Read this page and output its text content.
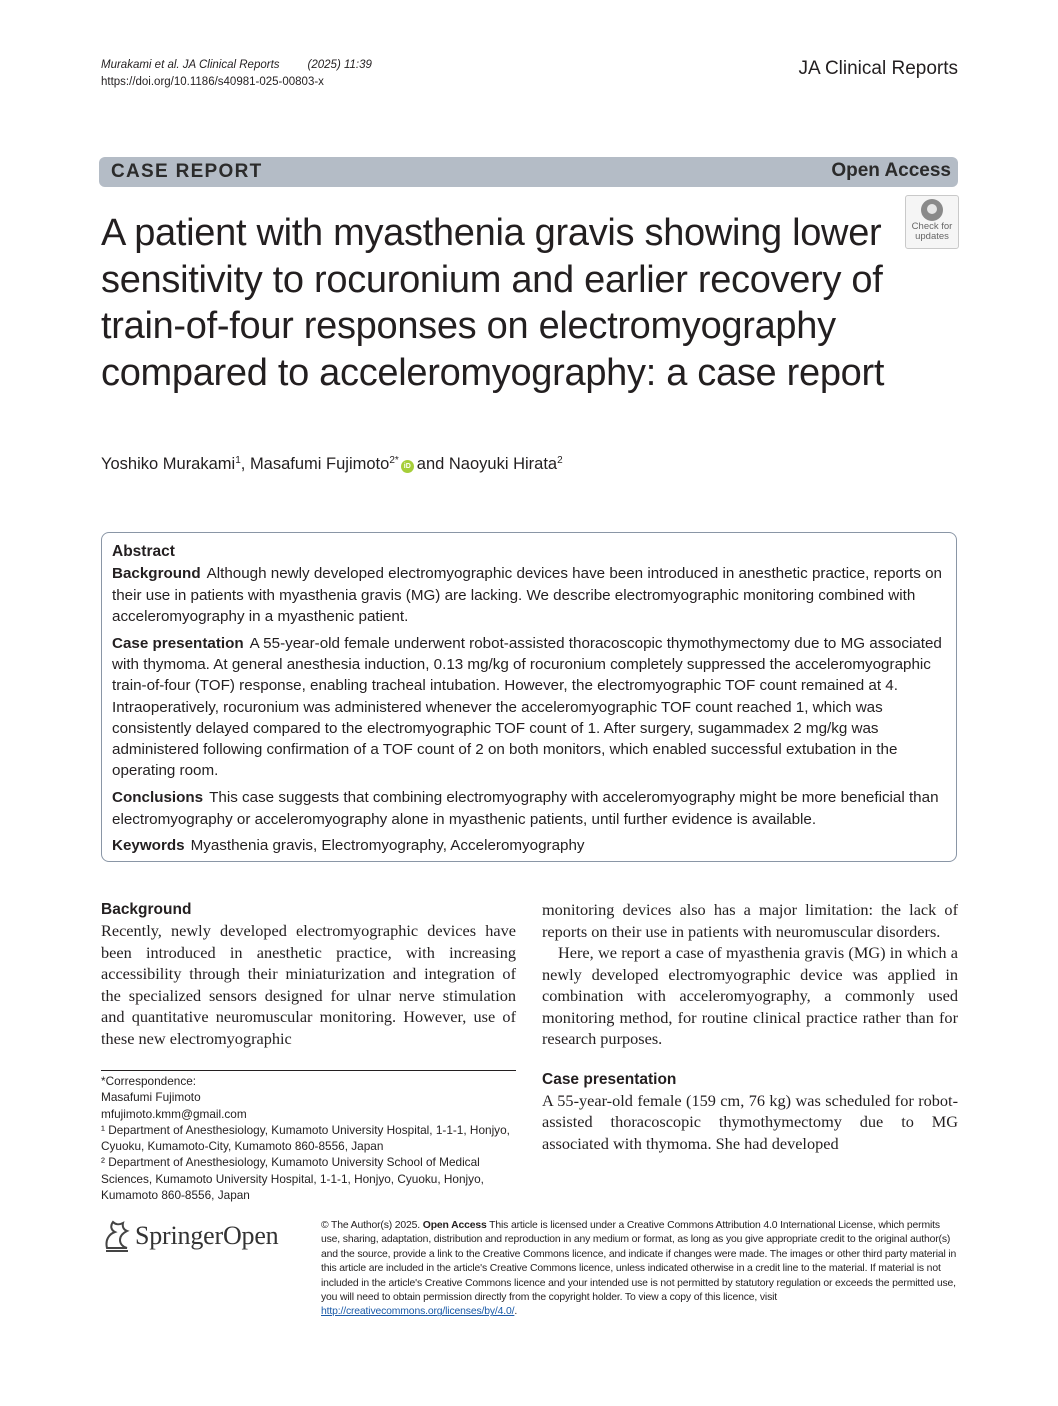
Murakami et al. JA Clinical Reports (2025) 11:39
https://doi.org/10.1186/s40981-025-00803-x
JA Clinical Reports
CASE REPORT	Open Access
Check for
updates
A patient with myasthenia gravis showing lower sensitivity to rocuronium and earlier recovery of train-of-four responses on electromyography compared to acceleromyography: a case report
Yoshiko Murakami$^1$, Masafumi Fujimoto$^{2*}$iD and Naoyuki Hirata$^2$
Abstract

Background Although newly developed electromyographic devices have been introduced in anesthetic practice, reports on their use in patients with myasthenia gravis (MG) are lacking. We describe electromyographic monitoring combined with acceleromyography in a myasthenic patient.

Case presentation A 55-year-old female underwent robot-assisted thoracoscopic thymothymectomy due to MG associated with thymoma. At general anesthesia induction, 0.13 mg/kg of rocuronium completely suppressed the acceleromyographic train-of-four (TOF) response, enabling tracheal intubation. However, the electromyographic TOF count remained at 4. Intraoperatively, rocuronium was administered whenever the acceleromyographic TOF count reached 1, which was consistently delayed compared to the electromyographic TOF count of 1. After surgery, sugammadex 2 mg/kg was administered following confirmation of a TOF count of 2 on both monitors, which enabled successful extubation in the operating room.

Conclusions This case suggests that combining electromyography with acceleromyography might be more beneficial than electromyography or acceleromyography alone in myasthenic patients, until further evidence is available.

Keywords Myasthenia gravis, Electromyography, Acceleromyography

Background

Recently, newly developed electromyographic devices have been introduced in anesthetic practice, with increasing accessibility through their miniaturization and integration of the specialized sensors designed for ulnar nerve stimulation and quantitative neuromuscular monitoring. However, use of these new electromyographic

monitoring devices also has a major limitation: the lack of reports on their use in patients with neuromuscular disorders.

Here, we report a case of myasthenia gravis (MG) in which a newly developed electromyographic device was applied in combination with acceleromyography, a commonly used monitoring method, for routine clinical practice rather than for research purposes.

Case presentation

A 55-year-old female (159 cm, 76 kg) was scheduled for robot-assisted thoracoscopic thymothymectomy due to MG associated with thymoma. She had developed

*Correspondence:
Masafumi Fujimoto
mfujimoto.kmm@gmail.com
¹ Department of Anesthesiology, Kumamoto University Hospital, 1-1-1, Honjyo, Cyuoku, Kumamoto-City, Kumamoto 860-8556, Japan
² Department of Anesthesiology, Kumamoto University School of Medical Sciences, Kumamoto University Hospital, 1-1-1, Honjyo, Cyuoku, Honjyo, Kumamoto 860-8556, Japan
SpringerOpen	© The Author(s) 2025. Open Access This article is licensed under a Creative Commons Attribution 4.0 International License, which permits use, sharing, adaptation, distribution and reproduction in any medium or format, as long as you give appropriate credit to the original author(s) and the source, provide a link to the Creative Commons licence, and indicate if changes were made. The images or other third party material in this article are included in the article's Creative Commons licence, unless indicated otherwise in a credit line to the material. If material is not included in the article's Creative Commons licence and your intended use is not permitted by statutory regulation or exceeds the permitted use, you will need to obtain permission directly from the copyright holder. To view a copy of this licence, visit http://creativecommons.org/licenses/by/4.0/.
